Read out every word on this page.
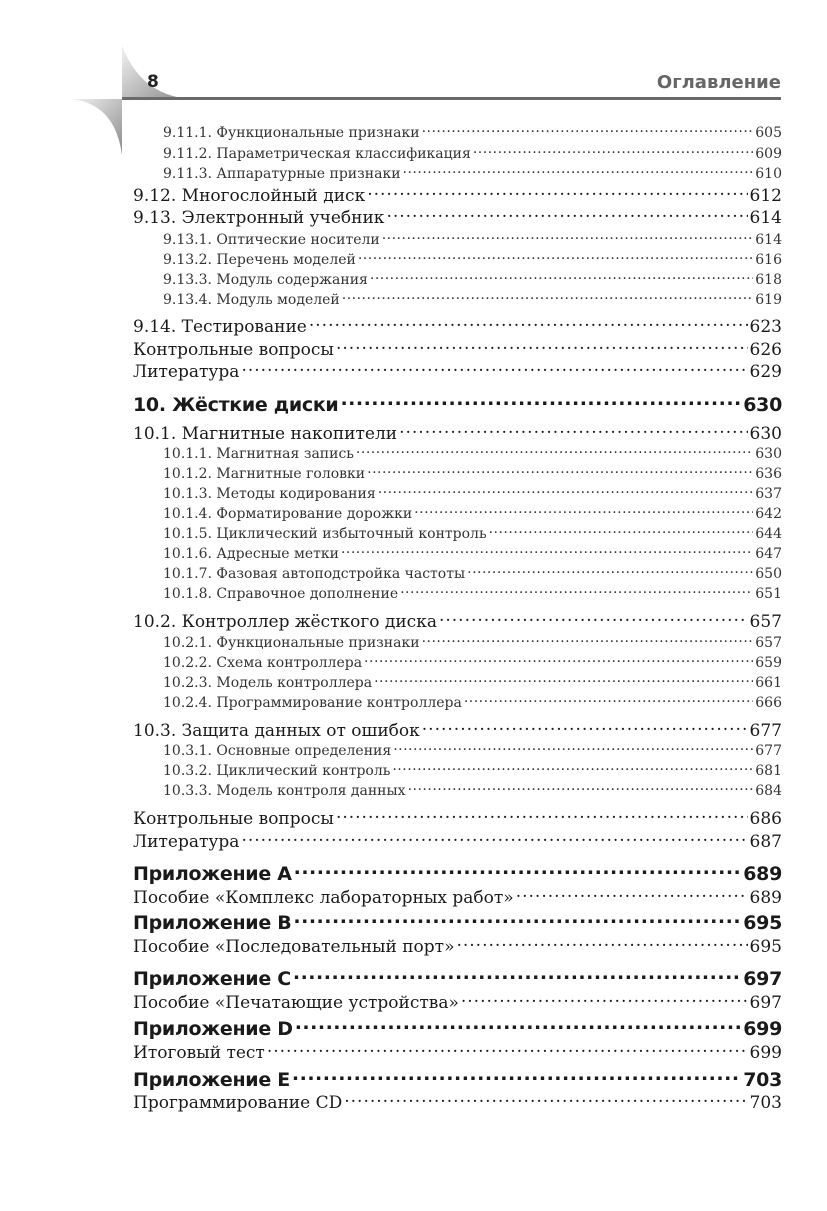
8	Оглавление
9.11.1. Функциональные признаки .....	605
9.11.2. Параметрическая классификация .....	609
9.11.3. Аппаратурные признаки .....	610
9.12. Многослойный диск .....	612
9.13. Электронный учебник .....	614
9.13.1. Оптические носители .....	614
9.13.2. Перечень моделей .....	616
9.13.3. Модуль содержания .....	618
9.13.4. Модуль моделей .....	619
9.14. Тестирование .....	623
Контрольные вопросы .....	626
Литература .....	629
10. Жёсткие диски .....	630
10.1. Магнитные накопители .....	630
10.1.1. Магнитная запись .....	630
10.1.2. Магнитные головки .....	636
10.1.3. Методы кодирования .....	637
10.1.4. Форматирование дорожки .....	642
10.1.5. Циклический избыточный контроль .....	644
10.1.6. Адресные метки .....	647
10.1.7. Фазовая автоподстройка частоты .....	650
10.1.8. Справочное дополнение .....	651
10.2. Контроллер жёсткого диска .....	657
10.2.1. Функциональные признаки .....	657
10.2.2. Схема контроллера .....	659
10.2.3. Модель контроллера .....	661
10.2.4. Программирование контроллера .....	666
10.3. Защита данных от ошибок .....	677
10.3.1. Основные определения .....	677
10.3.2. Циклический контроль .....	681
10.3.3. Модель контроля данных .....	684
Контрольные вопросы .....	686
Литература .....	687
Приложение A .....	689
Пособие «Комплекс лабораторных работ» .....	689
Приложение B .....	695
Пособие «Последовательный порт» .....	695
Приложение C .....	697
Пособие «Печатающие устройства» .....	697
Приложение D .....	699
Итоговый тест .....	699
Приложение E .....	703
Программирование CD .....	703
